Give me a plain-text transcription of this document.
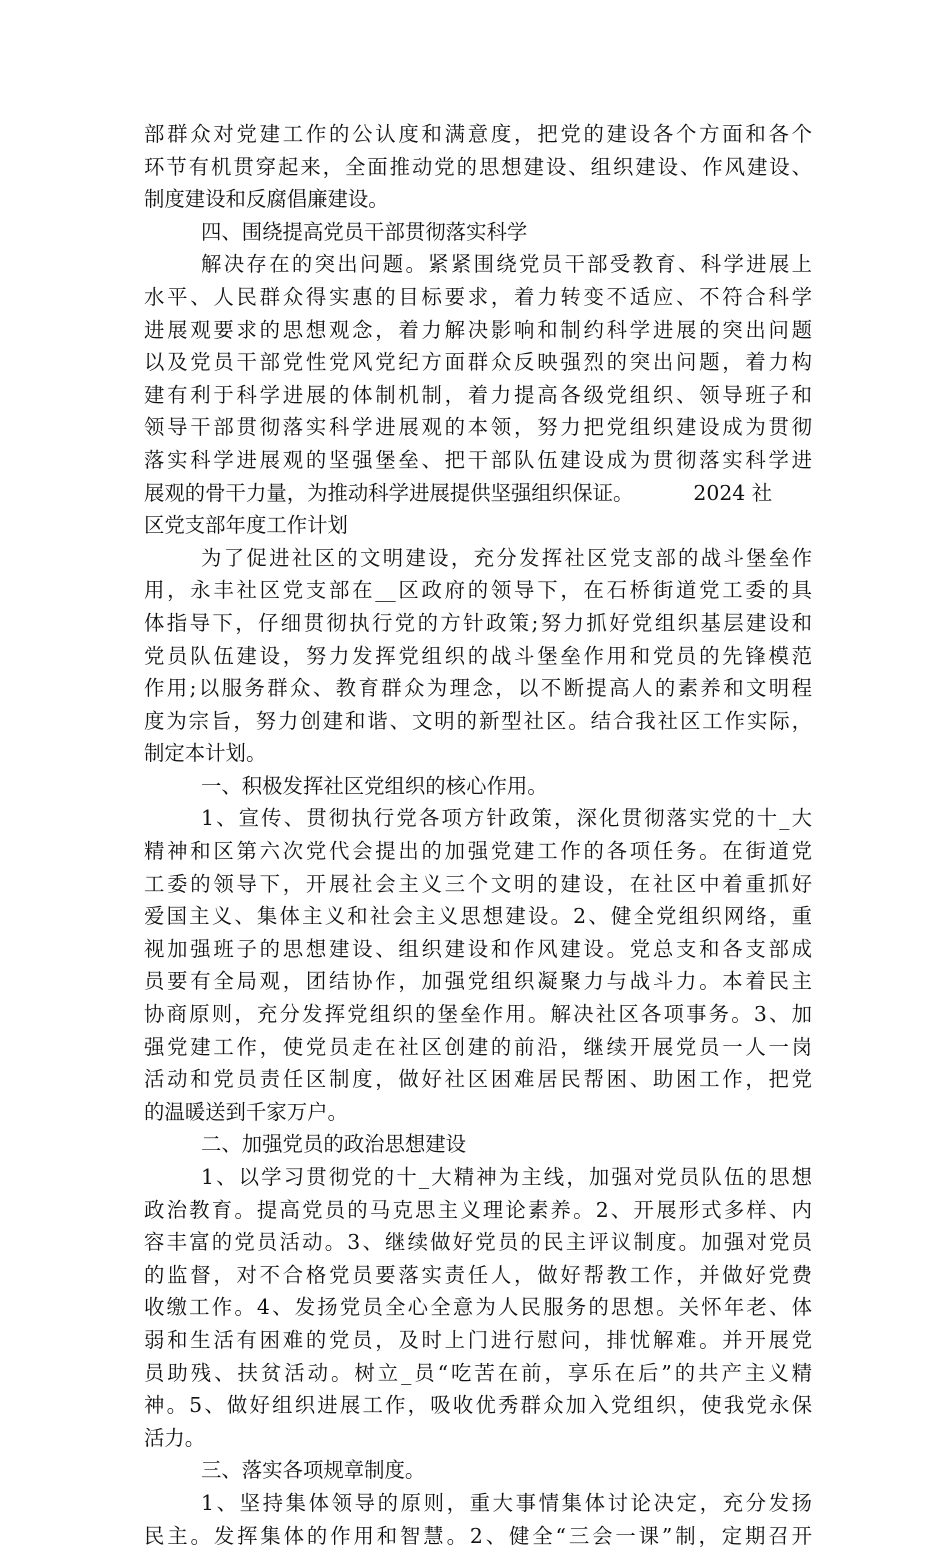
部群众对党建工作的公认度和满意度，把党的建设各个方面和各个
环节有机贯穿起来，全面推动党的思想建设、组织建设、作风建设、
制度建设和反腐倡廉建设。
四、围绕提高党员干部贯彻落实科学
解决存在的突出问题。紧紧围绕党员干部受教育、科学进展上
水平、人民群众得实惠的目标要求，着力转变不适应、不符合科学
进展观要求的思想观念，着力解决影响和制约科学进展的突出问题
以及党员干部党性党风党纪方面群众反映强烈的突出问题，着力构
建有利于科学进展的体制机制，着力提高各级党组织、领导班子和
领导干部贯彻落实科学进展观的本领，努力把党组织建设成为贯彻
落实科学进展观的坚强堡垒、把干部队伍建设成为贯彻落实科学进
展观的骨干力量，为推动科学进展提供坚强组织保证。	2024 社
区党支部年度工作计划
为了促进社区的文明建设，充分发挥社区党支部的战斗堡垒作
用，永丰社区党支部在__区政府的领导下，在石桥街道党工委的具
体指导下，仔细贯彻执行党的方针政策;努力抓好党组织基层建设和
党员队伍建设，努力发挥党组织的战斗堡垒作用和党员的先锋模范
作用;以服务群众、教育群众为理念，以不断提高人的素养和文明程
度为宗旨，努力创建和谐、文明的新型社区。结合我社区工作实际，
制定本计划。
一、积极发挥社区党组织的核心作用。
1、宣传、贯彻执行党各项方针政策，深化贯彻落实党的十_大
精神和区第六次党代会提出的加强党建工作的各项任务。在街道党
工委的领导下，开展社会主义三个文明的建设，在社区中着重抓好
爱国主义、集体主义和社会主义思想建设。2、健全党组织网络，重
视加强班子的思想建设、组织建设和作风建设。党总支和各支部成
员要有全局观，团结协作，加强党组织凝聚力与战斗力。本着民主
协商原则，充分发挥党组织的堡垒作用。解决社区各项事务。3、加
强党建工作，使党员走在社区创建的前沿，继续开展党员一人一岗
活动和党员责任区制度，做好社区困难居民帮困、助困工作，把党
的温暖送到千家万户。
二、加强党员的政治思想建设
1、以学习贯彻党的十_大精神为主线，加强对党员队伍的思想
政治教育。提高党员的马克思主义理论素养。2、开展形式多样、内
容丰富的党员活动。3、继续做好党员的民主评议制度。加强对党员
的监督，对不合格党员要落实责任人，做好帮教工作，并做好党费
收缴工作。4、发扬党员全心全意为人民服务的思想。关怀年老、体
弱和生活有困难的党员，及时上门进行慰问，排忧解难。并开展党
员助残、扶贫活动。树立_员“吃苦在前，享乐在后”的共产主义精
神。5、做好组织进展工作，吸收优秀群众加入党组织，使我党永保
活力。
三、落实各项规章制度。
1、坚持集体领导的原则，重大事情集体讨论决定，充分发扬
民主。发挥集体的作用和智慧。2、健全“三会一课”制，定期召开
